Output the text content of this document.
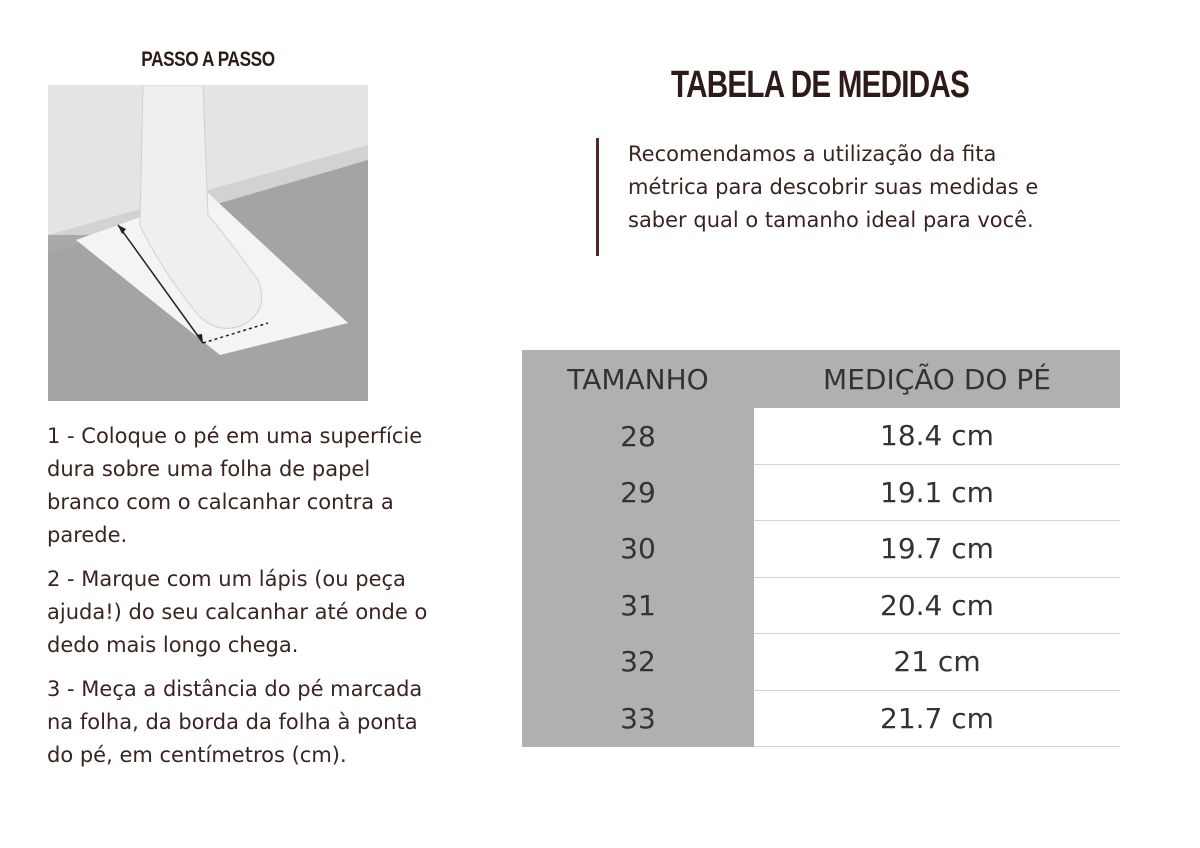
PASSO A PASSO

1 - Coloque o pé em uma superfície dura sobre uma folha de papel branco com o calcanhar contra a parede.

2 - Marque com um lápis (ou peça ajuda!) do seu calcanhar até onde o dedo mais longo chega.

3 - Meça a distância do pé marcada na folha, da borda da folha à ponta do pé, em centímetros (cm).

TABELA DE MEDIDAS

Recomendamos a utilização da fita métrica para descobrir suas medidas e saber qual o tamanho ideal para você.

TAMANHO	MEDIÇÃO DO PÉ
28	18.4 cm
29	19.1 cm
30	19.7 cm
31	20.4 cm
32	21 cm
33	21.7 cm
